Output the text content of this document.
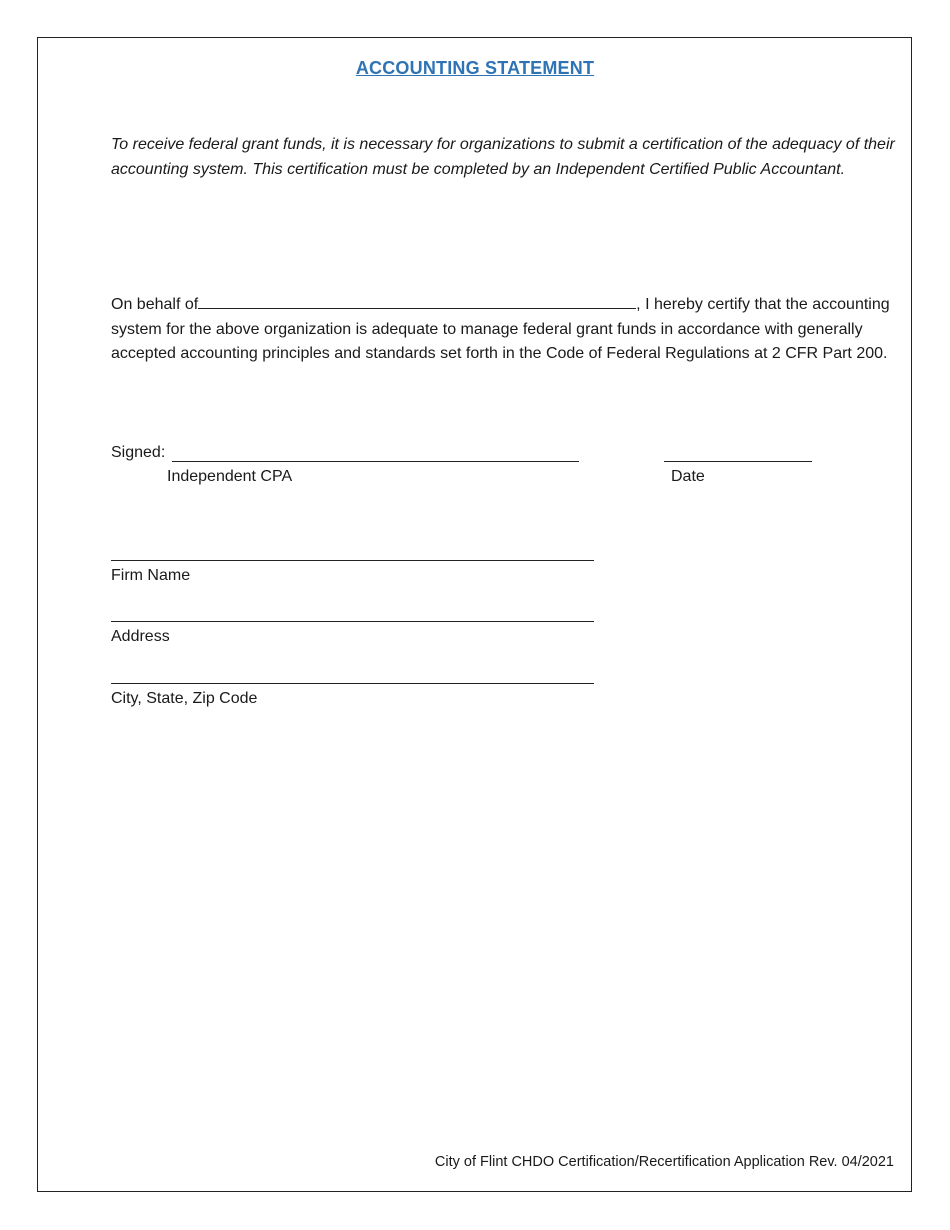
ACCOUNTING STATEMENT
To receive federal grant funds, it is necessary for organizations to submit a certification of the adequacy of their accounting system. This certification must be completed by an Independent Certified Public Accountant.
On behalf of	, I hereby certify that the accounting system for the above organization is adequate to manage federal grant funds in accordance with generally accepted accounting principles and standards set forth in the Code of Federal Regulations at 2 CFR Part 200.
Signed:
Independent CPA	Date
Firm Name
Address
City, State, Zip Code
City of Flint CHDO Certification/Recertification Application Rev. 04/2021
